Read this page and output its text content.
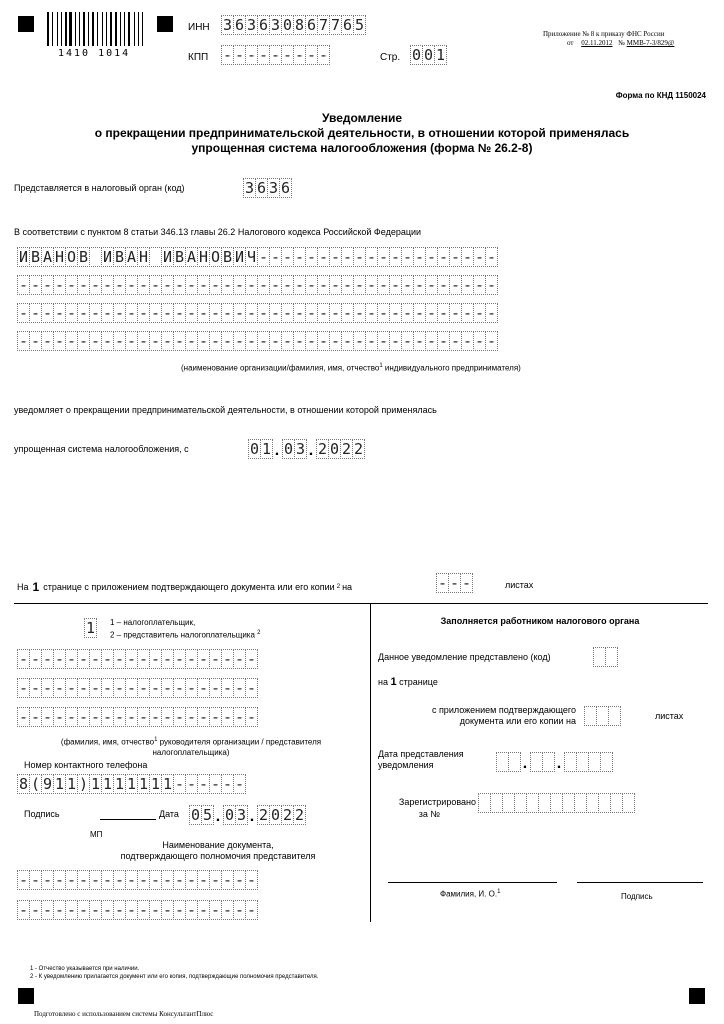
1410 1014
ИНН 3 6 3 6 3 0 8 6 7 7 6 5
КПП - - - - - - - - -	Стр. 0 0 1
Приложение № 8 к приказу ФНС России
от 02.11.2012 № ММВ-7-3/829@
Форма по КНД 1150024
Уведомление
о прекращении предпринимательской деятельности, в отношении которой применялась
упрощенная система налогообложения (форма № 26.2-8)
Представляется в налоговый орган (код)	3 6 3 6
В соответствии с пунктом 8 статьи 346.13 главы 26.2 Налогового кодекса Российской Федерации
И В А Н О В И В А Н И В А Н О В И Ч - - - - - - - - - - - - - - - - - - - -
- - - - - - - - - - - - - - - - - - - - - - - - - - - - - - - - - - - - - - - -
- - - - - - - - - - - - - - - - - - - - - - - - - - - - - - - - - - - - - - - -
- - - - - - - - - - - - - - - - - - - - - - - - - - - - - - - - - - - - - - - -
(наименование организации/фамилия, имя, отчество$^1$ индивидуального предпринимателя)
уведомляет о прекращении предпринимательской деятельности, в отношении которой применялась
упрощенная система налогообложения, с	0 1 . 0 3 . 2 0 2 2
На 1 странице с приложением подтверждающего документа или его копии 2 на	- - -	листах
1 1 – налогоплательщик,
2 – представитель налогоплательщика $^2$
- - - - - - - - - - - - - - - - - - - -
- - - - - - - - - - - - - - - - - - - -
- - - - - - - - - - - - - - - - - - - -
(фамилия, имя, отчество$^1$ руководителя организации / представителя
налогоплательщика)
Номер контактного телефона
8 ( 9 1 1 ) 1 1 1 1 1 1 1 - - - - - -
Подпись	Дата 0 5 . 0 3 . 2 0 2 2
МП
Наименование документа,
подтверждающего полномочия представителя
- - - - - - - - - - - - - - - - - - - -
- - - - - - - - - - - - - - - - - - - -
Заполняется работником налогового органа
Данное уведомление представлено (код)
на 1 странице
с приложением подтверждающего
документа или его копии на	листах
Дата представления
уведомления	. .
Зарегистрировано
за №
Фамилия, И. О.$^1$	Подпись
1 - Отчество указывается при наличии.
2 - К уведомлению прилагается документ или его копия, подтверждающие полномочия представителя.
Подготовлено с использованием системы КонсультантПлюс
